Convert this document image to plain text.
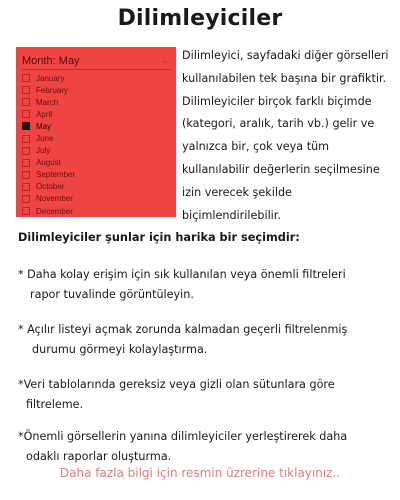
Dilimleyiciler
Month: May	⌄
January
February
March
April
May
June
July
August
September
October
November
December

Dilimleyici, sayfadaki diğer görselleri
kullanılabilen tek başına bir grafiktir.
Dilimleyiciler birçok farklı biçimde
(kategori, aralık, tarih vb.) gelir ve
yalnızca bir, çok veya tüm
kullanılabilir değerlerin seçilmesine
izin verecek şekilde
biçimlendirilebilir.

Dilimleyiciler şunlar için harika bir seçimdir:

* Daha kolay erişim için sık kullanılan veya önemli filtreleri
rapor tuvalinde görüntüleyin.

* Açılır listeyi açmak zorunda kalmadan geçerli filtrelenmiş
durumu görmeyi kolaylaştırma.

*Veri tablolarında gereksiz veya gizli olan sütunlara göre
filtreleme.

*Önemli görsellerin yanına dilimleyiciler yerleştirerek daha
odaklı raporlar oluşturma.

Daha fazla bilgi için resmin üzrerine tıklayınız..
